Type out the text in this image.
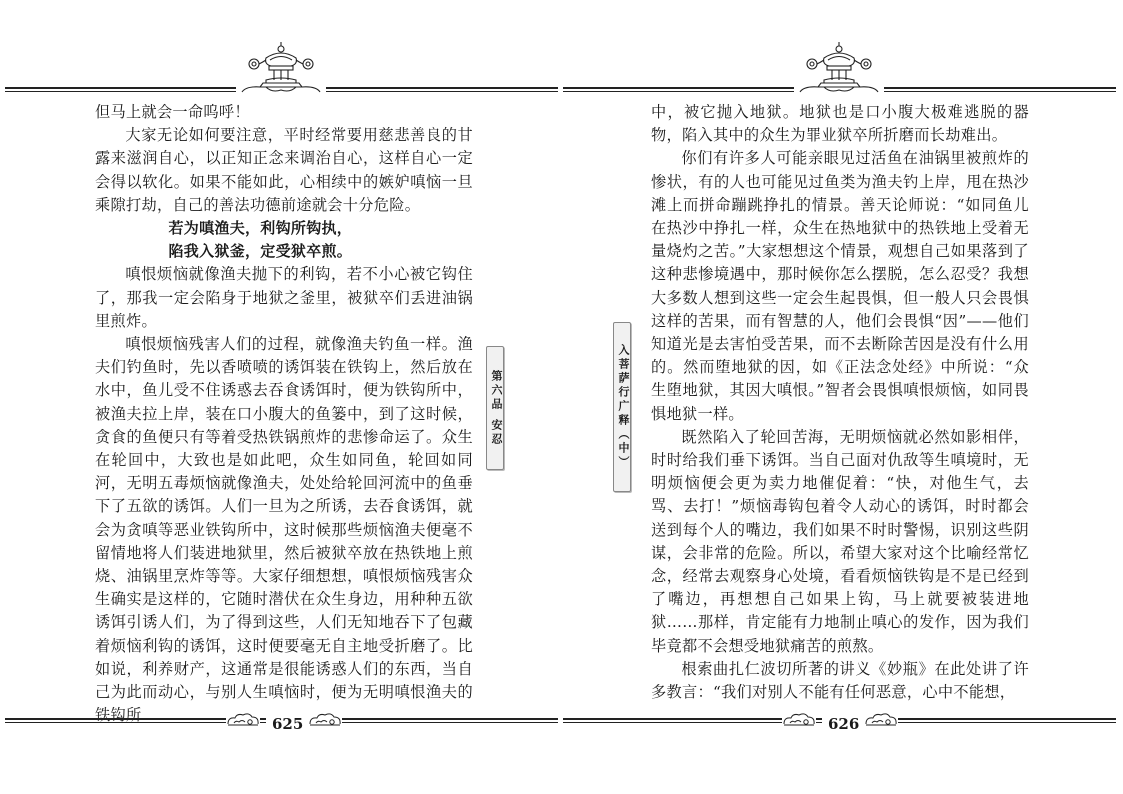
但马上就会一命呜呼！

大家无论如何要注意，平时经常要用慈悲善良的甘露来滋润自心，以正知正念来调治自心，这样自心一定会得以软化。如果不能如此，心相续中的嫉妒嗔恼一旦乘隙打劫，自己的善法功德前途就会十分危险。

若为嗔渔夫，利钩所钩执，

陷我入狱釜，定受狱卒煎。

嗔恨烦恼就像渔夫抛下的利钩，若不小心被它钩住了，那我一定会陷身于地狱之釜里，被狱卒们丢进油锅里煎炸。

嗔恨烦恼残害人们的过程，就像渔夫钓鱼一样。渔夫们钓鱼时，先以香喷喷的诱饵装在铁钩上，然后放在水中，鱼儿受不住诱惑去吞食诱饵时，便为铁钩所中，被渔夫拉上岸，装在口小腹大的鱼篓中，到了这时候，贪食的鱼便只有等着受热铁锅煎炸的悲惨命运了。众生在轮回中，大致也是如此吧，众生如同鱼，轮回如同河，无明五毒烦恼就像渔夫，处处给轮回河流中的鱼垂下了五欲的诱饵。人们一旦为之所诱，去吞食诱饵，就会为贪嗔等恶业铁钩所中，这时候那些烦恼渔夫便毫不留情地将人们装进地狱里，然后被狱卒放在热铁地上煎烧、油锅里烹炸等等。大家仔细想想，嗔恨烦恼残害众生确实是这样的，它随时潜伏在众生身边，用种种五欲诱饵引诱人们，为了得到这些，人们无知地吞下了包藏着烦恼利钩的诱饵，这时便要毫无自主地受折磨了。比如说，利养财产，这通常是很能诱惑人们的东西，当自己为此而动心，与别人生嗔恼时，便为无明嗔恨渔夫的铁钩所

第六品 安忍
625
入菩萨行广释（中）

中，被它抛入地狱。地狱也是口小腹大极难逃脱的器物，陷入其中的众生为罪业狱卒所折磨而长劫难出。

你们有许多人可能亲眼见过活鱼在油锅里被煎炸的惨状，有的人也可能见过鱼类为渔夫钓上岸，甩在热沙滩上而拼命蹦跳挣扎的情景。善天论师说：“如同鱼儿在热沙中挣扎一样，众生在热地狱中的热铁地上受着无量烧灼之苦。”大家想想这个情景，观想自己如果落到了这种悲惨境遇中，那时候你怎么摆脱，怎么忍受？我想大多数人想到这些一定会生起畏惧，但一般人只会畏惧这样的苦果，而有智慧的人，他们会畏惧“因”——他们知道光是去害怕受苦果，而不去断除苦因是没有什么用的。然而堕地狱的因，如《正法念处经》中所说：“众生堕地狱，其因大嗔恨。”智者会畏惧嗔恨烦恼，如同畏惧地狱一样。

既然陷入了轮回苦海，无明烦恼就必然如影相伴，时时给我们垂下诱饵。当自己面对仇敌等生嗔境时，无明烦恼便会更为卖力地催促着：“快，对他生气，去骂、去打！”烦恼毒钩包着令人动心的诱饵，时时都会送到每个人的嘴边，我们如果不时时警惕，识别这些阴谋，会非常的危险。所以，希望大家对这个比喻经常忆念，经常去观察身心处境，看看烦恼铁钩是不是已经到了嘴边，再想想自己如果上钩，马上就要被装进地狱……那样，肯定能有力地制止嗔心的发作，因为我们毕竟都不会想受地狱痛苦的煎熬。

根索曲扎仁波切所著的讲义《妙瓶》在此处讲了许多教言：“我们对别人不能有任何恶意，心中不能想，

626
